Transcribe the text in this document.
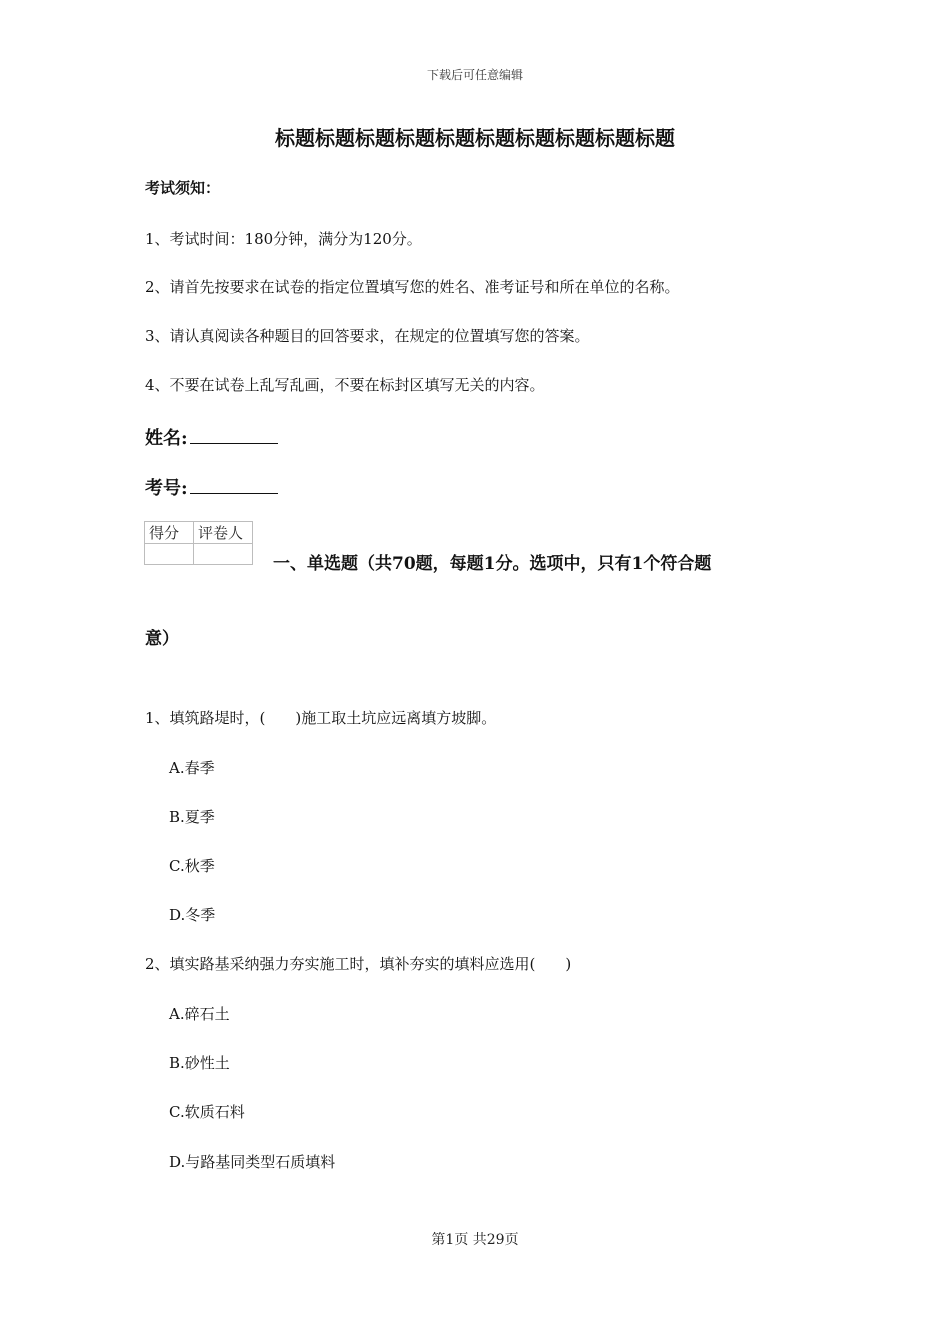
下载后可任意编辑
标题标题标题标题标题标题标题标题标题标题
考试须知：
1、考试时间：180分钟，满分为120分。
2、请首先按要求在试卷的指定位置填写您的姓名、准考证号和所在单位的名称。
3、请认真阅读各种题目的回答要求，在规定的位置填写您的答案。
4、不要在试卷上乱写乱画，不要在标封区填写无关的内容。
姓名:
考号:
得分	评卷人

一、单选题（共70题，每题1分。选项中，只有1个符合题
意）
1、填筑路堤时，(　　)施工取土坑应远离填方坡脚。
A.春季
B.夏季
C.秋季
D.冬季
2、填实路基采纳强力夯实施工时，填补夯实的填料应选用(　　)
A.碎石土
B.砂性土
C.软质石料
D.与路基同类型石质填料
第1页 共29页
